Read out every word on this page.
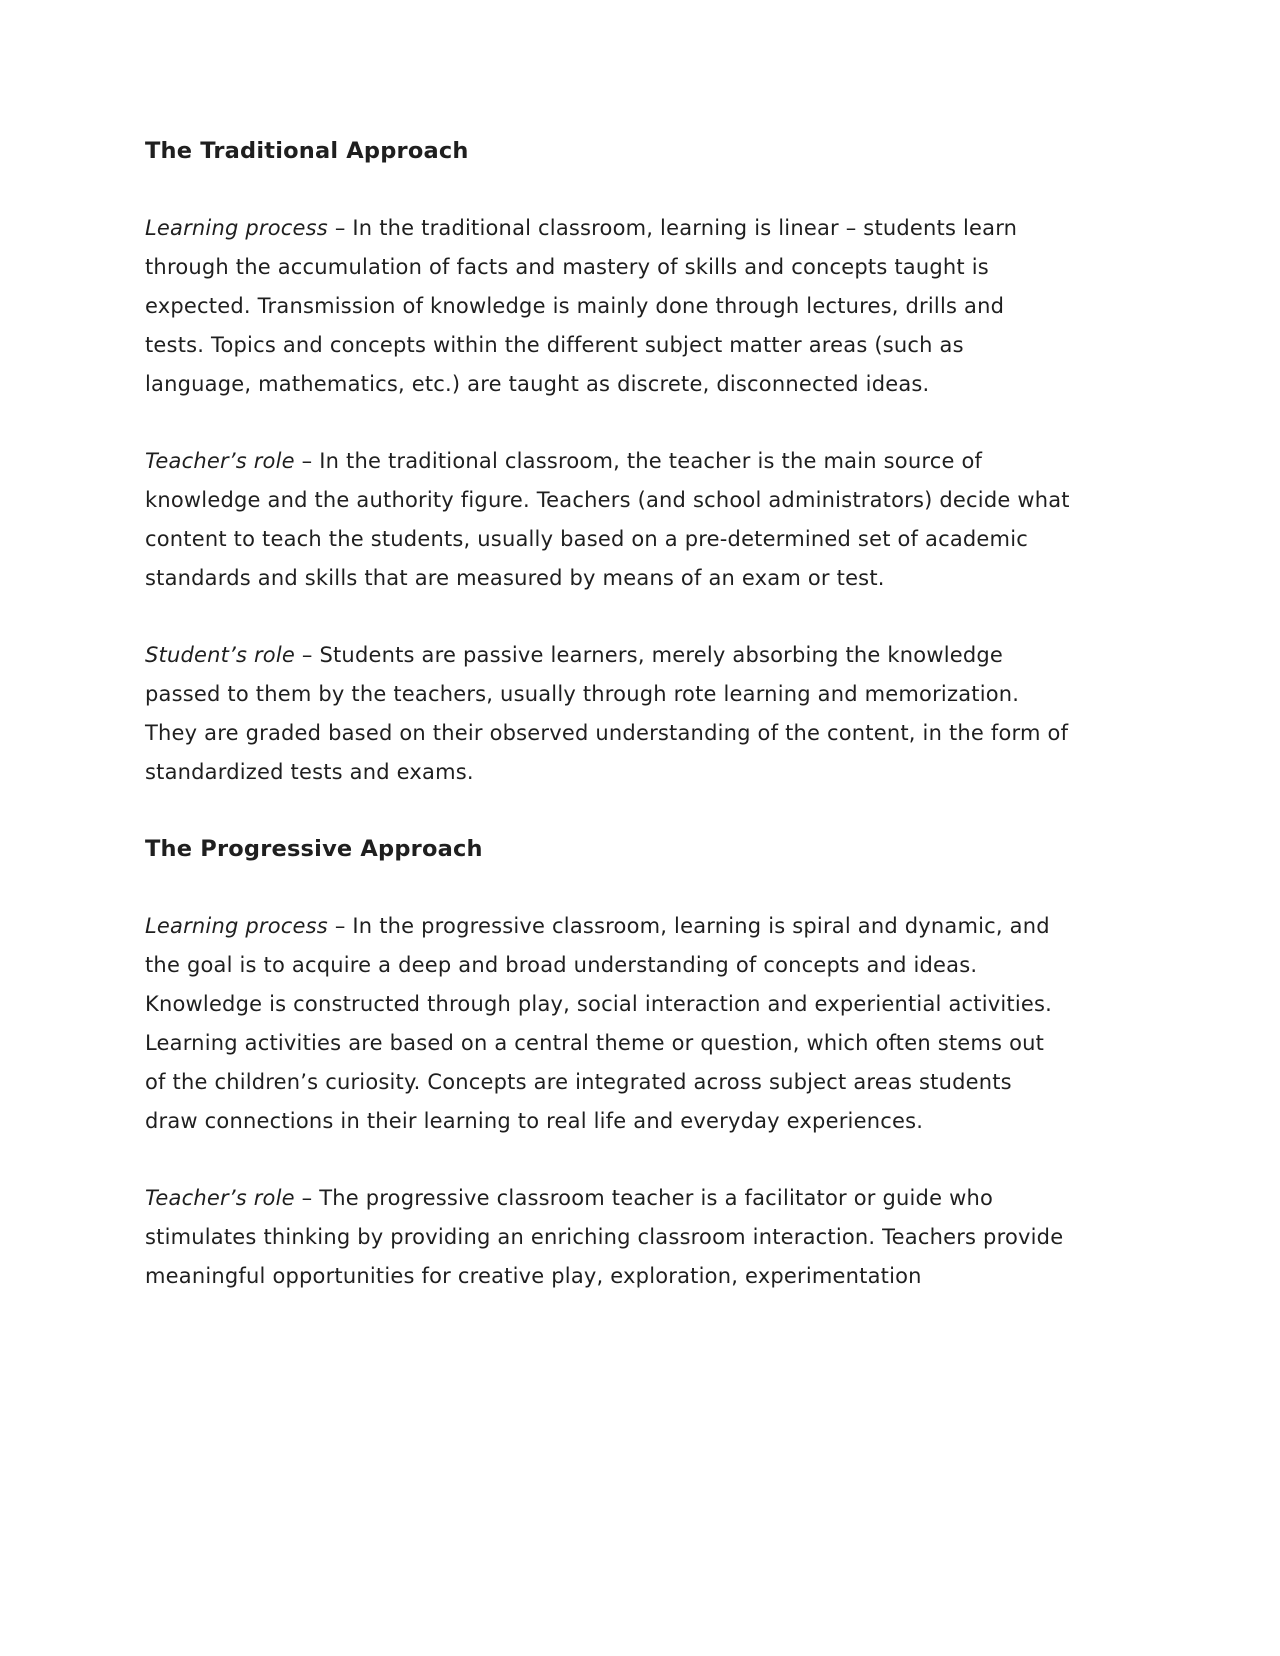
The Traditional Approach

Learning process – In the traditional classroom, learning is linear – students learn through the accumulation of facts and mastery of skills and concepts taught is expected. Transmission of knowledge is mainly done through lectures, drills and tests. Topics and concepts within the different subject matter areas (such as language, mathematics, etc.) are taught as discrete, disconnected ideas.

Teacher’s role – In the traditional classroom, the teacher is the main source of knowledge and the authority figure. Teachers (and school administrators) decide what content to teach the students, usually based on a pre-determined set of academic standards and skills that are measured by means of an exam or test.

Student’s role – Students are passive learners, merely absorbing the knowledge passed to them by the teachers, usually through rote learning and memorization. They are graded based on their observed understanding of the content, in the form of standardized tests and exams.

The Progressive Approach

Learning process – In the progressive classroom, learning is spiral and dynamic, and the goal is to acquire a deep and broad understanding of concepts and ideas. Knowledge is constructed through play, social interaction and experiential activities. Learning activities are based on a central theme or question, which often stems out of the children’s curiosity. Concepts are integrated across subject areas students draw connections in their learning to real life and everyday experiences.

Teacher’s role – The progressive classroom teacher is a facilitator or guide who stimulates thinking by providing an enriching classroom interaction. Teachers provide meaningful opportunities for creative play, exploration, experimentation
